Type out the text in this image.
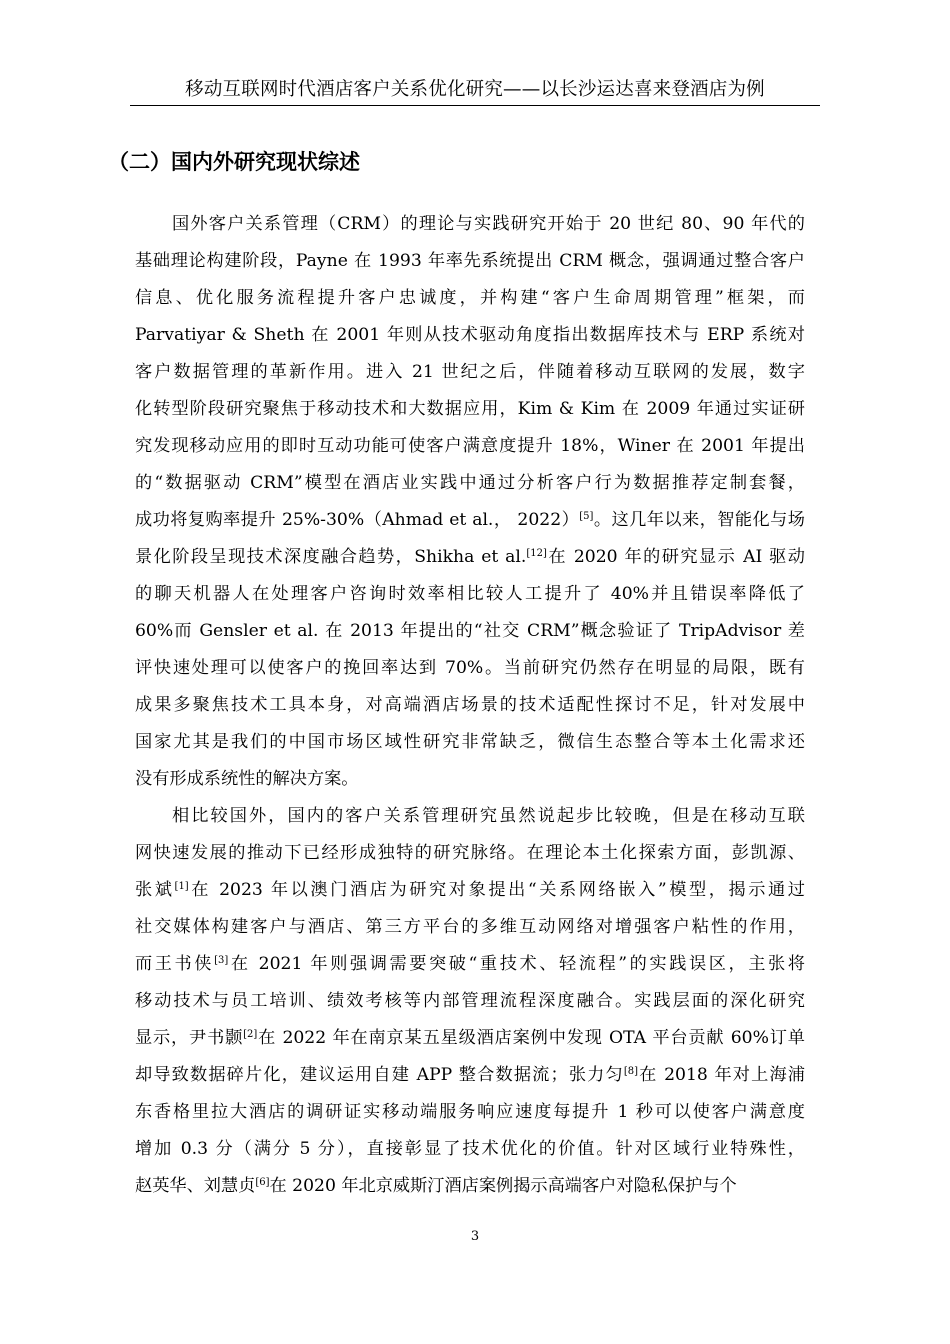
移动互联网时代酒店客户关系优化研究——以长沙运达喜来登酒店为例
（二）国内外研究现状综述
国外客户关系管理（CRM）的理论与实践研究开始于 20 世纪 80、90 年代的
基础理论构建阶段，Payne 在 1993 年率先系统提出 CRM 概念，强调通过整合客户
信息、优化服务流程提升客户忠诚度，并构建“客户生命周期管理”框架，而
Parvatiyar & Sheth 在 2001 年则从技术驱动角度指出数据库技术与 ERP 系统对
客户数据管理的革新作用。进入 21 世纪之后，伴随着移动互联网的发展，数字
化转型阶段研究聚焦于移动技术和大数据应用，Kim & Kim 在 2009 年通过实证研
究发现移动应用的即时互动功能可使客户满意度提升 18%，Winer 在 2001 年提出
的“数据驱动 CRM”模型在酒店业实践中通过分析客户行为数据推荐定制套餐，
成功将复购率提升 25%-30%（Ahmad et al.， 2022）[5]。这几年以来，智能化与场
景化阶段呈现技术深度融合趋势，Shikha et al.[12]在 2020 年的研究显示 AI 驱动
的聊天机器人在处理客户咨询时效率相比较人工提升了 40%并且错误率降低了
60%而 Gensler et al. 在 2013 年提出的“社交 CRM”概念验证了 TripAdvisor 差
评快速处理可以使客户的挽回率达到 70%。当前研究仍然存在明显的局限，既有
成果多聚焦技术工具本身，对高端酒店场景的技术适配性探讨不足，针对发展中
国家尤其是我们的中国市场区域性研究非常缺乏，微信生态整合等本土化需求还
没有形成系统性的解决方案。
相比较国外，国内的客户关系管理研究虽然说起步比较晚，但是在移动互联
网快速发展的推动下已经形成独特的研究脉络。在理论本土化探索方面，彭凯源、
张斌[1]在 2023 年以澳门酒店为研究对象提出“关系网络嵌入”模型，揭示通过
社交媒体构建客户与酒店、第三方平台的多维互动网络对增强客户粘性的作用，
而王书侠[3]在 2021 年则强调需要突破“重技术、轻流程”的实践误区，主张将
移动技术与员工培训、绩效考核等内部管理流程深度融合。实践层面的深化研究
显示，尹书颢[2]在 2022 年在南京某五星级酒店案例中发现 OTA 平台贡献 60%订单
却导致数据碎片化，建议运用自建 APP 整合数据流；张力匀[8]在 2018 年对上海浦
东香格里拉大酒店的调研证实移动端服务响应速度每提升 1 秒可以使客户满意度
增加 0.3 分（满分 5 分），直接彰显了技术优化的价值。针对区域行业特殊性，
赵英华、刘慧贞[6]在 2020 年北京威斯汀酒店案例揭示高端客户对隐私保护与个
3
